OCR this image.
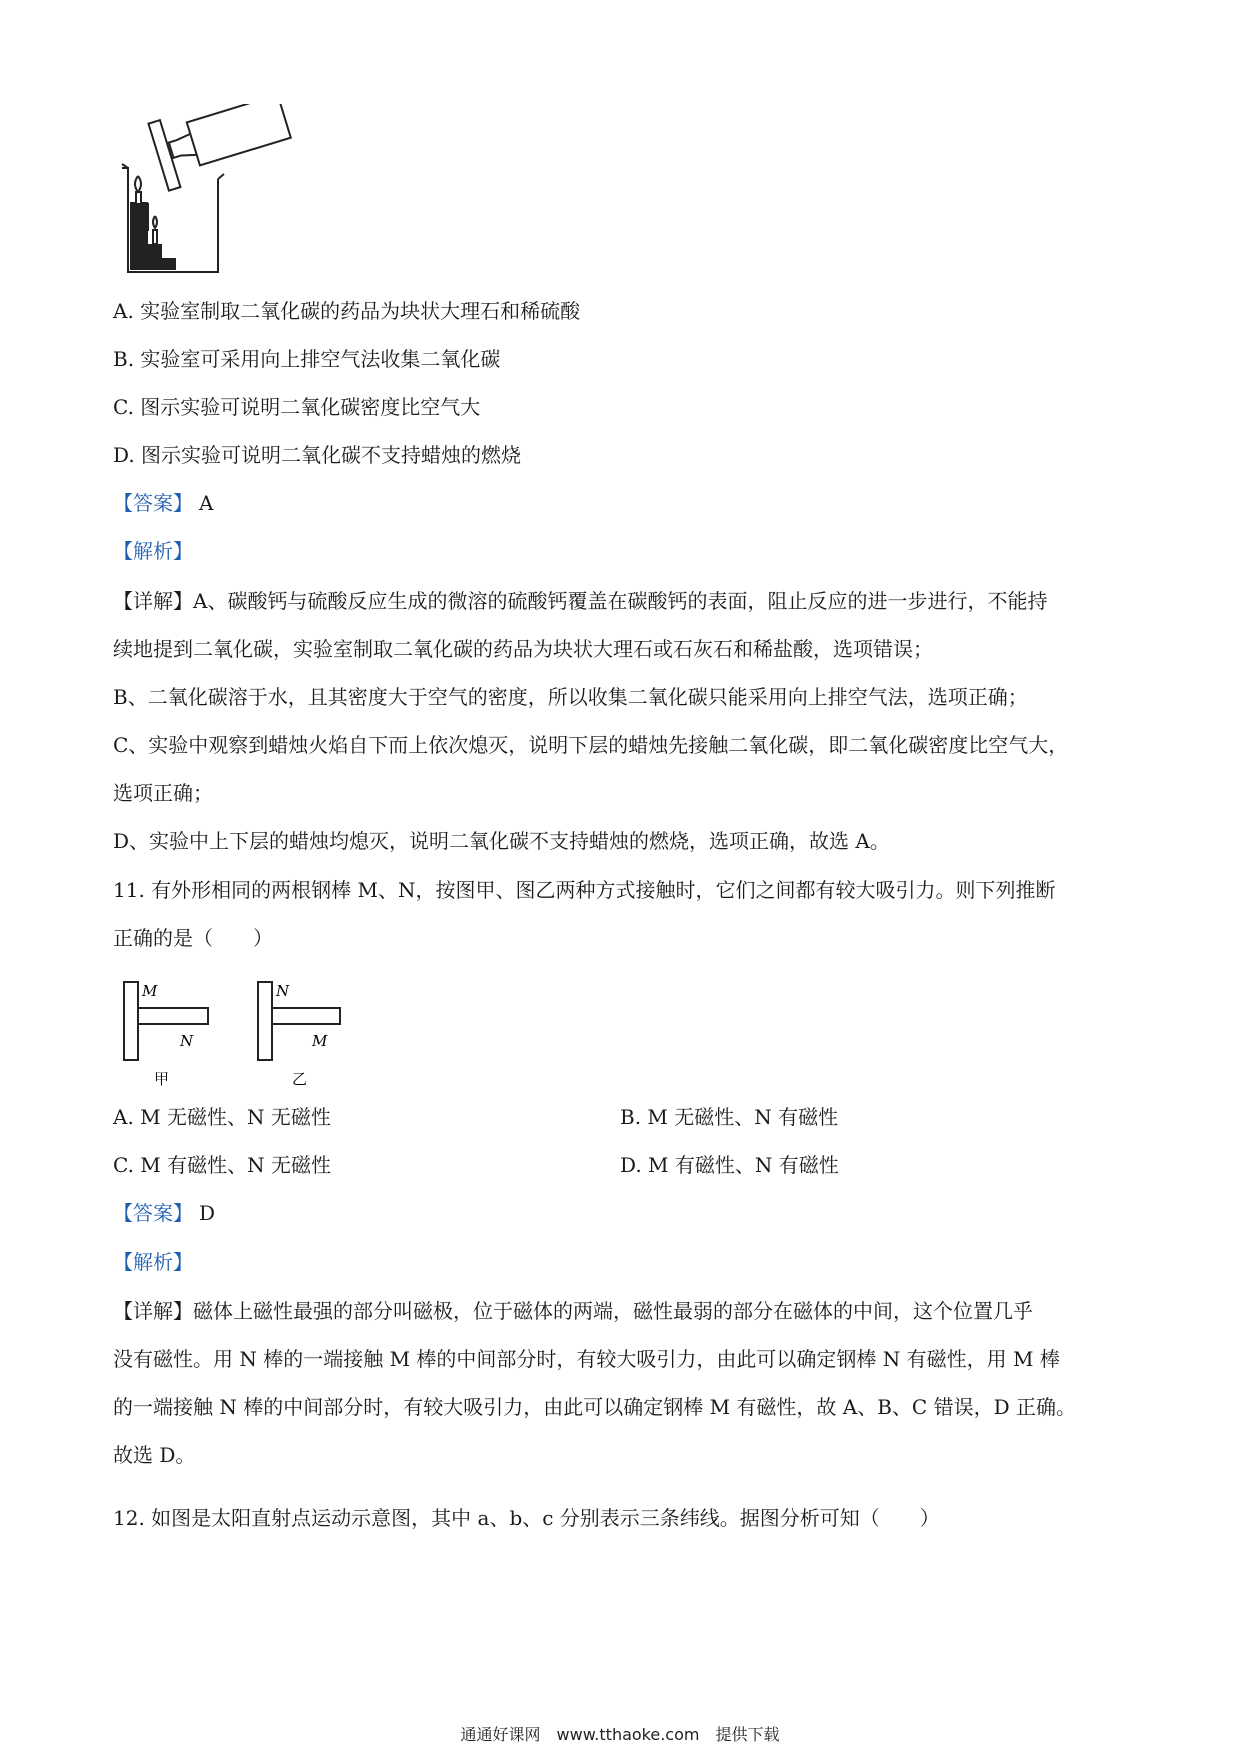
A. 实验室制取二氧化碳的药品为块状大理石和稀硫酸
B. 实验室可采用向上排空气法收集二氧化碳
C. 图示实验可说明二氧化碳密度比空气大
D. 图示实验可说明二氧化碳不支持蜡烛的燃烧
【答案】 A
【解析】
【详解】A、碳酸钙与硫酸反应生成的微溶的硫酸钙覆盖在碳酸钙的表面，阻止反应的进一步进行，不能持
续地提到二氧化碳，实验室制取二氧化碳的药品为块状大理石或石灰石和稀盐酸，选项错误；
B、二氧化碳溶于水，且其密度大于空气的密度，所以收集二氧化碳只能采用向上排空气法，选项正确；
C、实验中观察到蜡烛火焰自下而上依次熄灭，说明下层的蜡烛先接触二氧化碳，即二氧化碳密度比空气大，
选项正确；
D、实验中上下层的蜡烛均熄灭，说明二氧化碳不支持蜡烛的燃烧，选项正确，故选 A。
11. 有外形相同的两根钢棒 M、N，按图甲、图乙两种方式接触时，它们之间都有较大吸引力。则下列推断
正确的是（　　）
M
N
甲
N
M
乙
A. M 无磁性、N 无磁性	B. M 无磁性、N 有磁性
C. M 有磁性、N 无磁性	D. M 有磁性、N 有磁性
【答案】 D
【解析】
【详解】磁体上磁性最强的部分叫磁极，位于磁体的两端，磁性最弱的部分在磁体的中间，这个位置几乎
没有磁性。用 N 棒的一端接触 M 棒的中间部分时，有较大吸引力，由此可以确定钢棒 N 有磁性，用 M 棒
的一端接触 N 棒的中间部分时，有较大吸引力，由此可以确定钢棒 M 有磁性，故 A、B、C 错误，D 正确。
故选 D。
12. 如图是太阳直射点运动示意图，其中 a、b、c 分别表示三条纬线。据图分析可知（　　）
通通好课网　www.tthaoke.com　提供下载
